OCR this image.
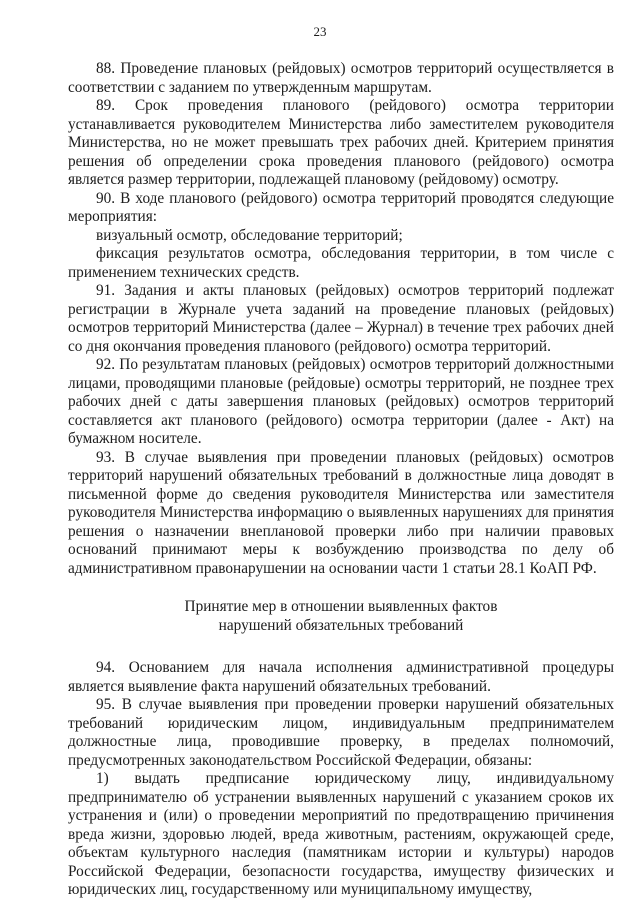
23

88. Проведение плановых (рейдовых) осмотров территорий осуществляется в соответствии с заданием по утвержденным маршрутам.

89. Срок проведения планового (рейдового) осмотра территории устанавливается руководителем Министерства либо заместителем руководителя Министерства, но не может превышать трех рабочих дней. Критерием принятия решения об определении срока проведения планового (рейдового) осмотра является размер территории, подлежащей плановому (рейдовому) осмотру.

90. В ходе планового (рейдового) осмотра территорий проводятся следующие мероприятия:

визуальный осмотр, обследование территорий;

фиксация результатов осмотра, обследования территории, в том числе с применением технических средств.

91. Задания и акты плановых (рейдовых) осмотров территорий подлежат регистрации в Журнале учета заданий на проведение плановых (рейдовых) осмотров территорий Министерства (далее – Журнал) в течение трех рабочих дней со дня окончания проведения планового (рейдового) осмотра территорий.

92. По результатам плановых (рейдовых) осмотров территорий должностными лицами, проводящими плановые (рейдовые) осмотры территорий, не позднее трех рабочих дней с даты завершения плановых (рейдовых) осмотров территорий составляется акт планового (рейдового) осмотра территории (далее - Акт) на бумажном носителе.

93. В случае выявления при проведении плановых (рейдовых) осмотров территорий нарушений обязательных требований в должностные лица доводят в письменной форме до сведения руководителя Министерства или заместителя руководителя Министерства информацию о выявленных нарушениях для принятия решения о назначении внеплановой проверки либо при наличии правовых оснований принимают меры к возбуждению производства по делу об административном правонарушении на основании части 1 статьи 28.1 КоАП РФ.

Принятие мер в отношении выявленных фактов
нарушений обязательных требований

94. Основанием для начала исполнения административной процедуры является выявление факта нарушений обязательных требований.

95. В случае выявления при проведении проверки нарушений обязательных требований юридическим лицом, индивидуальным предпринимателем должностные лица, проводившие проверку, в пределах полномочий, предусмотренных законодательством Российской Федерации, обязаны:

1) выдать предписание юридическому лицу, индивидуальному предпринимателю об устранении выявленных нарушений с указанием сроков их устранения и (или) о проведении мероприятий по предотвращению причинения вреда жизни, здоровью людей, вреда животным, растениям, окружающей среде, объектам культурного наследия (памятникам истории и культуры) народов Российской Федерации, безопасности государства, имуществу физических и юридических лиц, государственному или муниципальному имуществу,
